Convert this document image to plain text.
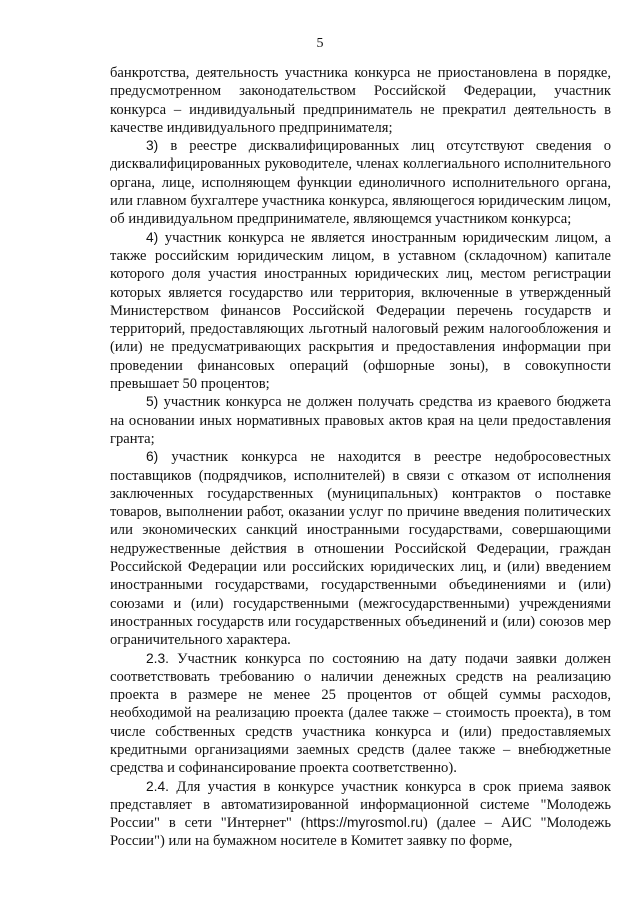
5

банкротства, деятельность участника конкурса не приостановлена в порядке, предусмотренном законодательством Российской Федерации, участник конкурса – индивидуальный предприниматель не прекратил деятельность в качестве индивидуального предпринимателя;

3) в реестре дисквалифицированных лиц отсутствуют сведения о дисквалифицированных руководителе, членах коллегиального исполнительного органа, лице, исполняющем функции единоличного исполнительного органа, или главном бухгалтере участника конкурса, являющегося юридическим лицом, об индивидуальном предпринимателе, являющемся участником конкурса;

4) участник конкурса не является иностранным юридическим лицом, а также российским юридическим лицом, в уставном (складочном) капитале которого доля участия иностранных юридических лиц, местом регистрации которых является государство или территория, включенные в утвержденный Министерством финансов Российской Федерации перечень государств и территорий, предоставляющих льготный налоговый режим налогообложения и (или) не предусматривающих раскрытия и предоставления информации при проведении финансовых операций (офшорные зоны), в совокупности превышает 50 процентов;

5) участник конкурса не должен получать средства из краевого бюджета на основании иных нормативных правовых актов края на цели предоставления гранта;

6) участник конкурса не находится в реестре недобросовестных поставщиков (подрядчиков, исполнителей) в связи с отказом от исполнения заключенных государственных (муниципальных) контрактов о поставке товаров, выполнении работ, оказании услуг по причине введения политических или экономических санкций иностранными государствами, совершающими недружественные действия в отношении Российской Федерации, граждан Российской Федерации или российских юридических лиц, и (или) введением иностранными государствами, государственными объединениями и (или) союзами и (или) государственными (межгосударственными) учреждениями иностранных государств или государственных объединений и (или) союзов мер ограничительного характера.

2.3. Участник конкурса по состоянию на дату подачи заявки должен соответствовать требованию о наличии денежных средств на реализацию проекта в размере не менее 25 процентов от общей суммы расходов, необходимой на реализацию проекта (далее также – стоимость проекта), в том числе собственных средств участника конкурса и (или) предоставляемых кредитными организациями заемных средств (далее также – внебюджетные средства и софинансирование проекта соответственно).

2.4. Для участия в конкурсе участник конкурса в срок приема заявок представляет в автоматизированной информационной системе "Молодежь России" в сети "Интернет" (https://myrosmol.ru) (далее – АИС "Молодежь России") или на бумажном носителе в Комитет заявку по форме,
